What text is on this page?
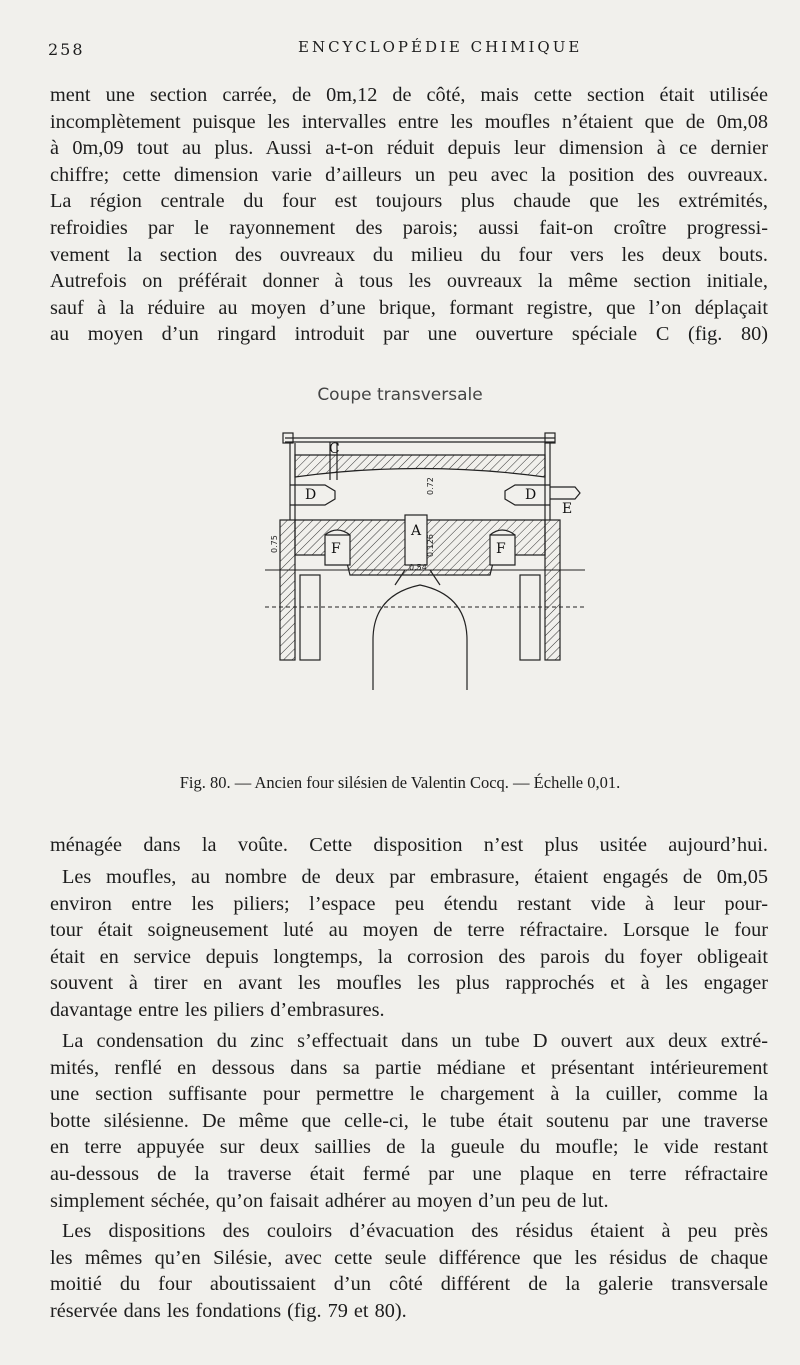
258	ENCYCLOPÉDIE CHIMIQUE
ment une section carrée, de 0m,12 de côté, mais cette section était utilisée
incomplètement puisque les intervalles entre les moufles n’étaient que de 0m,08
à 0m,09 tout au plus. Aussi a-t-on réduit depuis leur dimension à ce dernier
chiffre; cette dimension varie d’ailleurs un peu avec la position des ouvreaux.
La région centrale du four est toujours plus chaude que les extrémités,
refroidies par le rayonnement des parois; aussi fait-on croître progressi-
vement la section des ouvreaux du milieu du four vers les deux bouts.
Autrefois on préférait donner à tous les ouvreaux la même section initiale,
sauf à la réduire au moyen d’une brique, formant registre, que l’on déplaçait
au moyen d’un ringard introduit par une ouverture spéciale C (fig. 80)
Coupe transversale
C
D	D
E
A
F	F
0.72
0.126
0.54
0.75
Fig. 80. — Ancien four silésien de Valentin Cocq. — Échelle 0,01.
ménagée dans la voûte. Cette disposition n’est plus usitée aujourd’hui.
Les moufles, au nombre de deux par embrasure, étaient engagés de 0m,05
environ entre les piliers; l’espace peu étendu restant vide à leur pour-
tour était soigneusement luté au moyen de terre réfractaire. Lorsque le four
était en service depuis longtemps, la corrosion des parois du foyer obligeait
souvent à tirer en avant les moufles les plus rapprochés et à les engager
davantage entre les piliers d’embrasures.
La condensation du zinc s’effectuait dans un tube D ouvert aux deux extré-
mités, renflé en dessous dans sa partie médiane et présentant intérieurement
une section suffisante pour permettre le chargement à la cuiller, comme la
botte silésienne. De même que celle-ci, le tube était soutenu par une traverse
en terre appuyée sur deux saillies de la gueule du moufle; le vide restant
au-dessous de la traverse était fermé par une plaque en terre réfractaire
simplement séchée, qu’on faisait adhérer au moyen d’un peu de lut.
Les dispositions des couloirs d’évacuation des résidus étaient à peu près
les mêmes qu’en Silésie, avec cette seule différence que les résidus de chaque
moitié du four aboutissaient d’un côté différent de la galerie transversale
réservée dans les fondations (fig. 79 et 80).
